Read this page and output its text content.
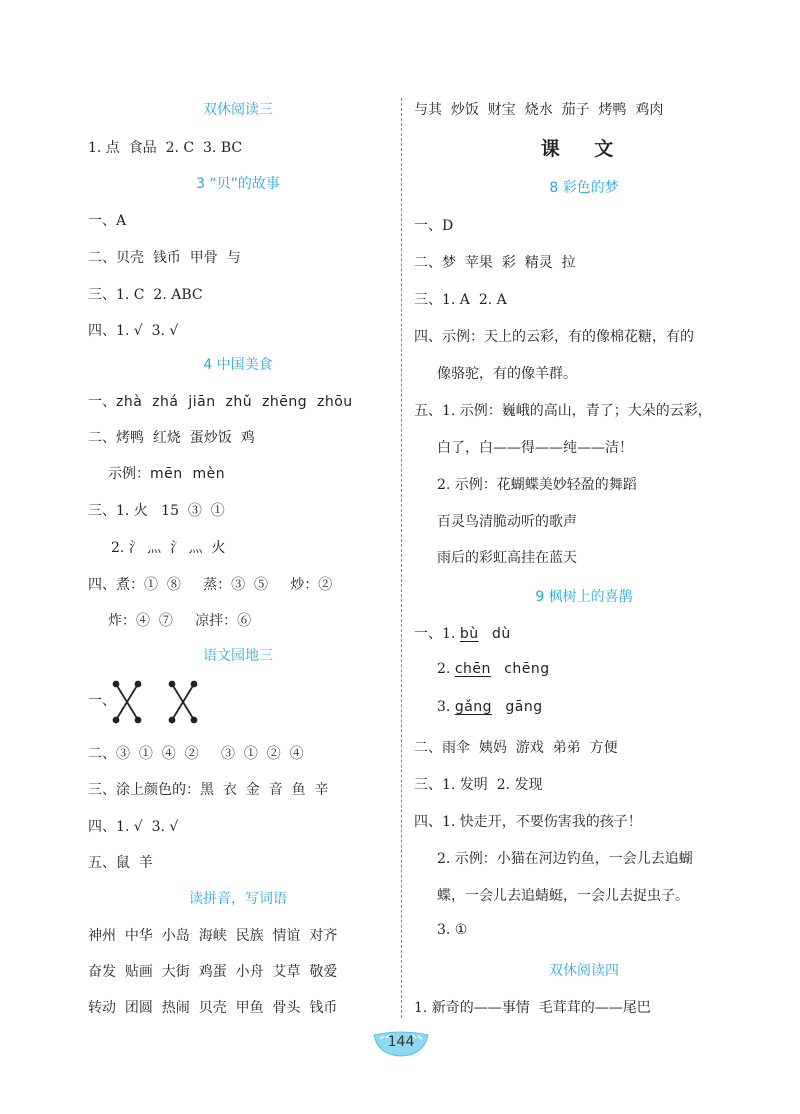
双休阅读三
1. 点  食品  2. C  3. BC
3 “贝”的故事
一、A
二、贝壳  钱币  甲骨  与
三、1. C  2. ABC
四、1. √  3. √
4 中国美食
一、zhà  zhá  jiān  zhǔ  zhēng  zhōu
二、烤鸭  红烧  蛋炒饭  鸡
示例：mēn  mèn
三、1. 火   15  ③  ①
2. 氵 灬  氵 灬  火
四、煮：①  ⑧     蒸：③  ⑤     炒：②
炸：④  ⑦     凉拌：⑥
语文园地三
一、
二、③  ①  ④  ②     ③  ①  ②  ④
三、涂上颜色的：黑  衣  金  音  鱼  辛
四、1. √  3. √
五、鼠  羊
读拼音，写词语
神州  中华  小岛  海峡  民族  情谊  对齐
奋发  贴画  大街  鸡蛋  小舟  艾草  敬爱
转动  团圆  热闹  贝壳  甲鱼  骨头  钱币
与其  炒饭  财宝  烧水  茄子  烤鸭  鸡肉
课 文
8 彩色的梦
一、D
二、梦  苹果  彩  精灵  拉
三、1. A  2. A
四、示例：天上的云彩，有的像棉花糖，有的
像骆驼，有的像羊群。
五、1. 示例：巍峨的高山，青了；大朵的云彩，
白了，白——得——纯——洁！
2. 示例：花蝴蝶美妙轻盈的舞蹈
百灵鸟清脆动听的歌声
雨后的彩虹高挂在蓝天
9 枫树上的喜鹊
一、1. bù dù
2. chēn chēng
3. gǎng gāng
二、雨伞  姨妈  游戏  弟弟  方便
三、1. 发明  2. 发现
四、1. 快走开，不要伤害我的孩子！
2. 示例：小猫在河边钓鱼，一会儿去追蝴
蝶，一会儿去追蜻蜓，一会儿去捉虫子。
3. ①
双休阅读四
1. 新奇的——事情  毛茸茸的——尾巴
144
